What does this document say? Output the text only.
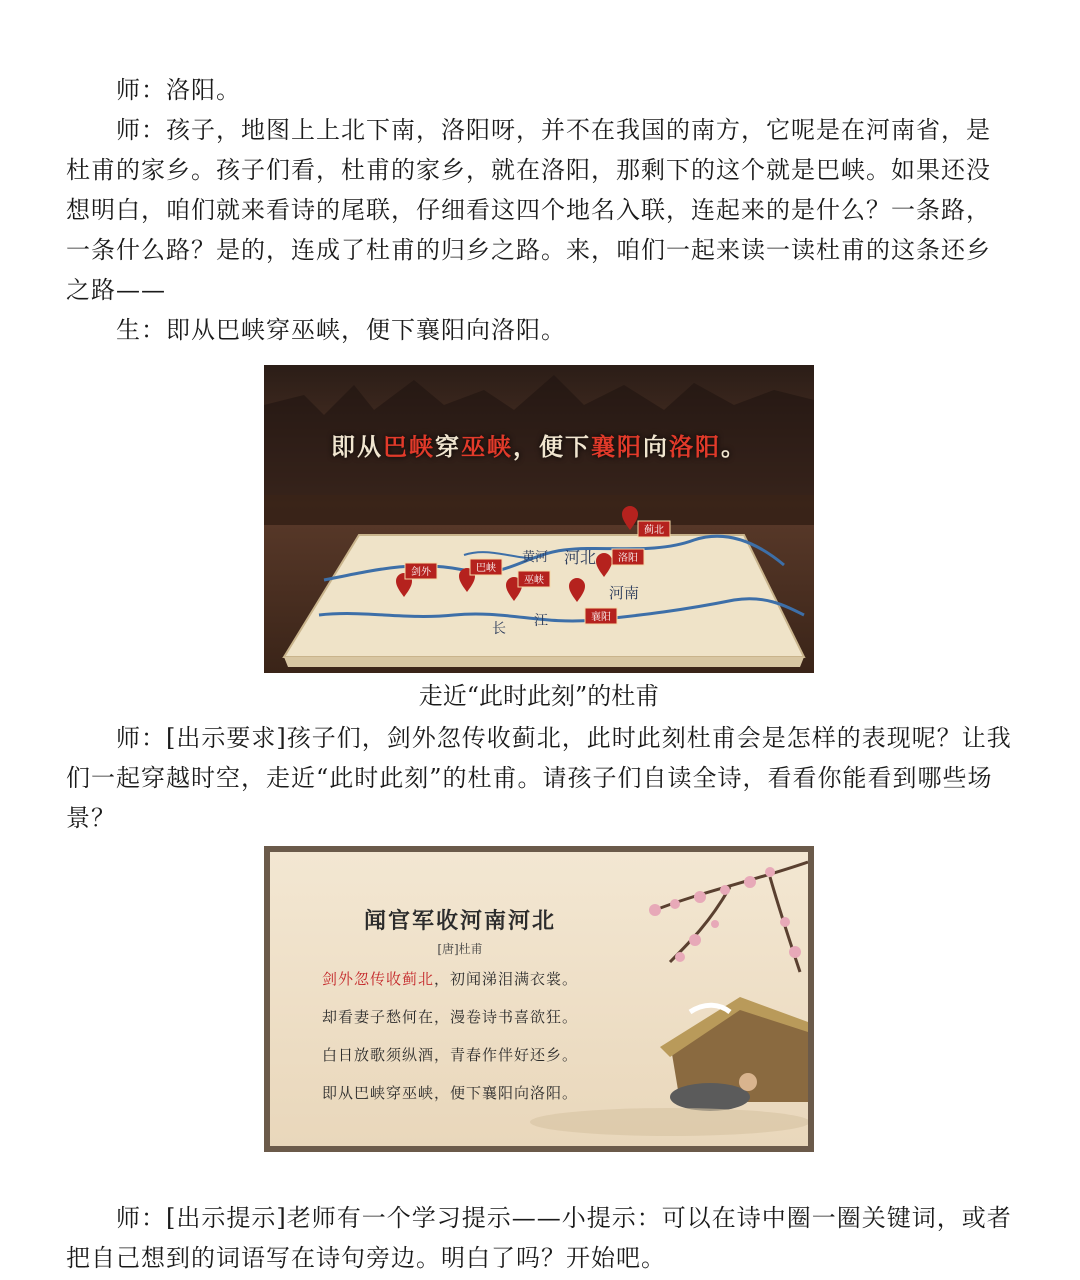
师：洛阳。

师：孩子，地图上上北下南，洛阳呀，并不在我国的南方，它呢是在河南省，是杜甫的家乡。孩子们看，杜甫的家乡，就在洛阳，那剩下的这个就是巴峡。如果还没想明白，咱们就来看诗的尾联，仔细看这四个地名入联，连起来的是什么？一条路，一条什么路？是的，连成了杜甫的归乡之路。来，咱们一起来读一读杜甫的这条还乡之路——

生：即从巴峡穿巫峡，便下襄阳向洛阳。

黄河 河北
河南
长 江
剑外	巴峡
巫峡
襄阳
洛阳
蓟北
即从巴峡穿巫峡，便下襄阳向洛阳。

走近“此时此刻”的杜甫

师：[出示要求]孩子们，剑外忽传收蓟北，此时此刻杜甫会是怎样的表现呢？让我们一起穿越时空，走近“此时此刻”的杜甫。请孩子们自读全诗，看看你能看到哪些场景？

闻官军收河南河北
[唐]杜甫
剑外忽传收蓟北，初闻涕泪满衣裳。
却看妻子愁何在，漫卷诗书喜欲狂。
白日放歌须纵酒，青春作伴好还乡。
即从巴峡穿巫峡，便下襄阳向洛阳。

师：[出示提示]老师有一个学习提示——小提示：可以在诗中圈一圈关键词，或者把自己想到的词语写在诗句旁边。明白了吗？开始吧。
